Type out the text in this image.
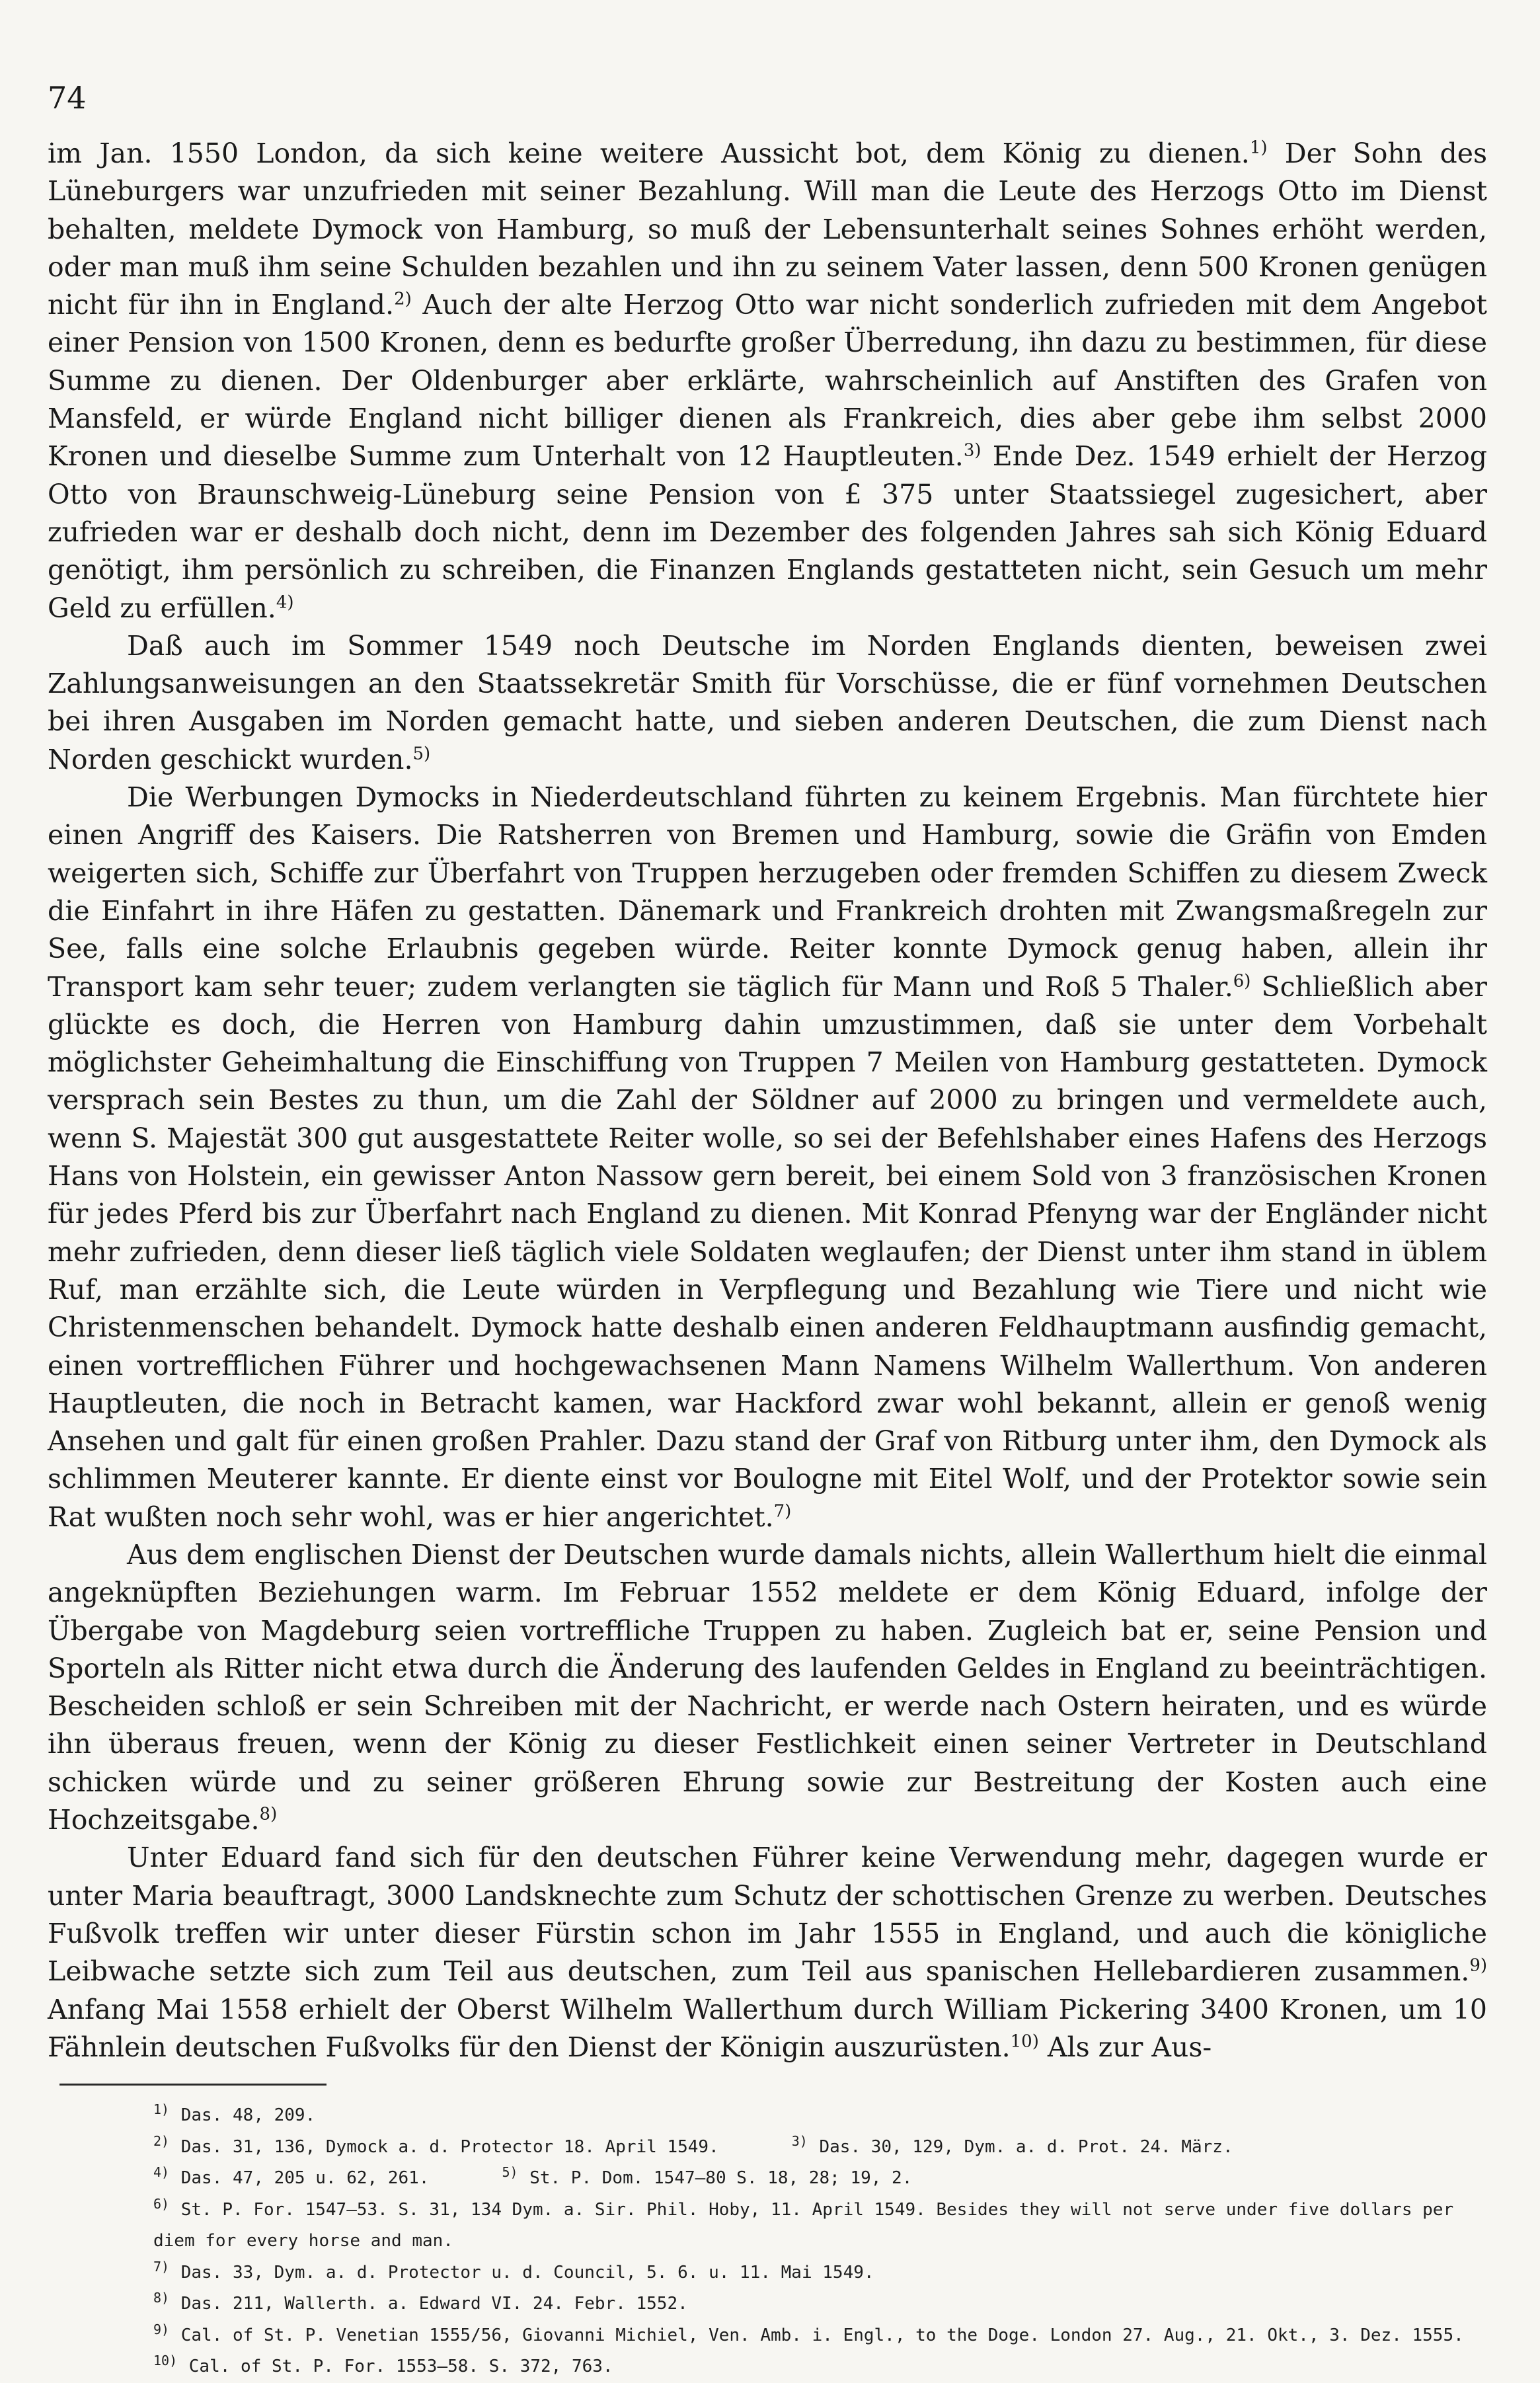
74

im Jan. 1550 London, da sich keine weitere Aussicht bot, dem König zu dienen.$^{1)}$ Der Sohn des Lüneburgers war unzufrieden mit seiner Bezahlung. Will man die Leute des Herzogs Otto im Dienst behalten, meldete Dymock von Hamburg, so muß der Lebensunterhalt seines Sohnes erhöht werden, oder man muß ihm seine Schulden bezahlen und ihn zu seinem Vater lassen, denn 500 Kronen genügen nicht für ihn in England.$^{2)}$ Auch der alte Herzog Otto war nicht sonderlich zufrieden mit dem Angebot einer Pension von 1500 Kronen, denn es bedurfte großer Überredung, ihn dazu zu bestimmen, für diese Summe zu dienen. Der Oldenburger aber erklärte, wahrscheinlich auf Anstiften des Grafen von Mansfeld, er würde England nicht billiger dienen als Frankreich, dies aber gebe ihm selbst 2000 Kronen und dieselbe Summe zum Unterhalt von 12 Hauptleuten.$^{3)}$ Ende Dez. 1549 erhielt der Herzog Otto von Braunschweig-Lüneburg seine Pension von £ 375 unter Staatssiegel zugesichert, aber zufrieden war er deshalb doch nicht, denn im Dezember des folgenden Jahres sah sich König Eduard genötigt, ihm persönlich zu schreiben, die Finanzen Englands gestatteten nicht, sein Gesuch um mehr Geld zu erfüllen.$^{4)}$

Daß auch im Sommer 1549 noch Deutsche im Norden Englands dienten, beweisen zwei Zahlungsanweisungen an den Staatssekretär Smith für Vorschüsse, die er fünf vornehmen Deutschen bei ihren Ausgaben im Norden gemacht hatte, und sieben anderen Deutschen, die zum Dienst nach Norden geschickt wurden.$^{5)}$

Die Werbungen Dymocks in Niederdeutschland führten zu keinem Ergebnis. Man fürchtete hier einen Angriff des Kaisers. Die Ratsherren von Bremen und Hamburg, sowie die Gräfin von Emden weigerten sich, Schiffe zur Überfahrt von Truppen herzugeben oder fremden Schiffen zu diesem Zweck die Einfahrt in ihre Häfen zu gestatten. Dänemark und Frankreich drohten mit Zwangsmaßregeln zur See, falls eine solche Erlaubnis gegeben würde. Reiter konnte Dymock genug haben, allein ihr Transport kam sehr teuer; zudem verlangten sie täglich für Mann und Roß 5 Thaler.$^{6)}$ Schließlich aber glückte es doch, die Herren von Hamburg dahin umzustimmen, daß sie unter dem Vorbehalt möglichster Geheimhaltung die Einschiffung von Truppen 7 Meilen von Hamburg gestatteten. Dymock versprach sein Bestes zu thun, um die Zahl der Söldner auf 2000 zu bringen und vermeldete auch, wenn S. Majestät 300 gut ausgestattete Reiter wolle, so sei der Befehlshaber eines Hafens des Herzogs Hans von Holstein, ein gewisser Anton Nassow gern bereit, bei einem Sold von 3 französischen Kronen für jedes Pferd bis zur Überfahrt nach England zu dienen. Mit Konrad Pfenyng war der Engländer nicht mehr zufrieden, denn dieser ließ täglich viele Soldaten weglaufen; der Dienst unter ihm stand in üblem Ruf, man erzählte sich, die Leute würden in Verpflegung und Bezahlung wie Tiere und nicht wie Christenmenschen behandelt. Dymock hatte deshalb einen anderen Feldhauptmann ausfindig gemacht, einen vortrefflichen Führer und hochgewachsenen Mann Namens Wilhelm Wallerthum. Von anderen Hauptleuten, die noch in Betracht kamen, war Hackford zwar wohl bekannt, allein er genoß wenig Ansehen und galt für einen großen Prahler. Dazu stand der Graf von Ritburg unter ihm, den Dymock als schlimmen Meuterer kannte. Er diente einst vor Boulogne mit Eitel Wolf, und der Protektor sowie sein Rat wußten noch sehr wohl, was er hier angerichtet.$^{7)}$

Aus dem englischen Dienst der Deutschen wurde damals nichts, allein Wallerthum hielt die einmal angeknüpften Beziehungen warm. Im Februar 1552 meldete er dem König Eduard, infolge der Übergabe von Magdeburg seien vortreffliche Truppen zu haben. Zugleich bat er, seine Pension und Sporteln als Ritter nicht etwa durch die Änderung des laufenden Geldes in England zu beeinträchtigen. Bescheiden schloß er sein Schreiben mit der Nachricht, er werde nach Ostern heiraten, und es würde ihn überaus freuen, wenn der König zu dieser Festlichkeit einen seiner Vertreter in Deutschland schicken würde und zu seiner größeren Ehrung sowie zur Bestreitung der Kosten auch eine Hochzeitsgabe.$^{8)}$

Unter Eduard fand sich für den deutschen Führer keine Verwendung mehr, dagegen wurde er unter Maria beauftragt, 3000 Landsknechte zum Schutz der schottischen Grenze zu werben. Deutsches Fußvolk treffen wir unter dieser Fürstin schon im Jahr 1555 in England, und auch die königliche Leibwache setzte sich zum Teil aus deutschen, zum Teil aus spanischen Hellebardieren zusammen.$^{9)}$ Anfang Mai 1558 erhielt der Oberst Wilhelm Wallerthum durch William Pickering 3400 Kronen, um 10 Fähnlein deutschen Fußvolks für den Dienst der Königin auszurüsten.$^{10)}$ Als zur Aus-

$^{1)}$ Das. 48, 209.
$^{2)}$ Das. 31, 136, Dymock a. d. Protector 18. April 1549.	$^{3)}$ Das. 30, 129, Dym. a. d. Prot. 24. März.
$^{4)}$ Das. 47, 205 u. 62, 261.	$^{5)}$ St. P. Dom. 1547—80 S. 18, 28; 19, 2.
$^{6)}$ St. P. For. 1547—53. S. 31, 134 Dym. a. Sir. Phil. Hoby, 11. April 1549. Besides they will not serve under five dollars per diem for every horse and man.
$^{7)}$ Das. 33, Dym. a. d. Protector u. d. Council, 5. 6. u. 11. Mai 1549.
$^{8)}$ Das. 211, Wallerth. a. Edward VI. 24. Febr. 1552.
$^{9)}$ Cal. of St. P. Venetian 1555/56, Giovanni Michiel, Ven. Amb. i. Engl., to the Doge. London 27. Aug., 21. Okt., 3. Dez. 1555.
$^{10)}$ Cal. of St. P. For. 1553—58. S. 372, 763.
